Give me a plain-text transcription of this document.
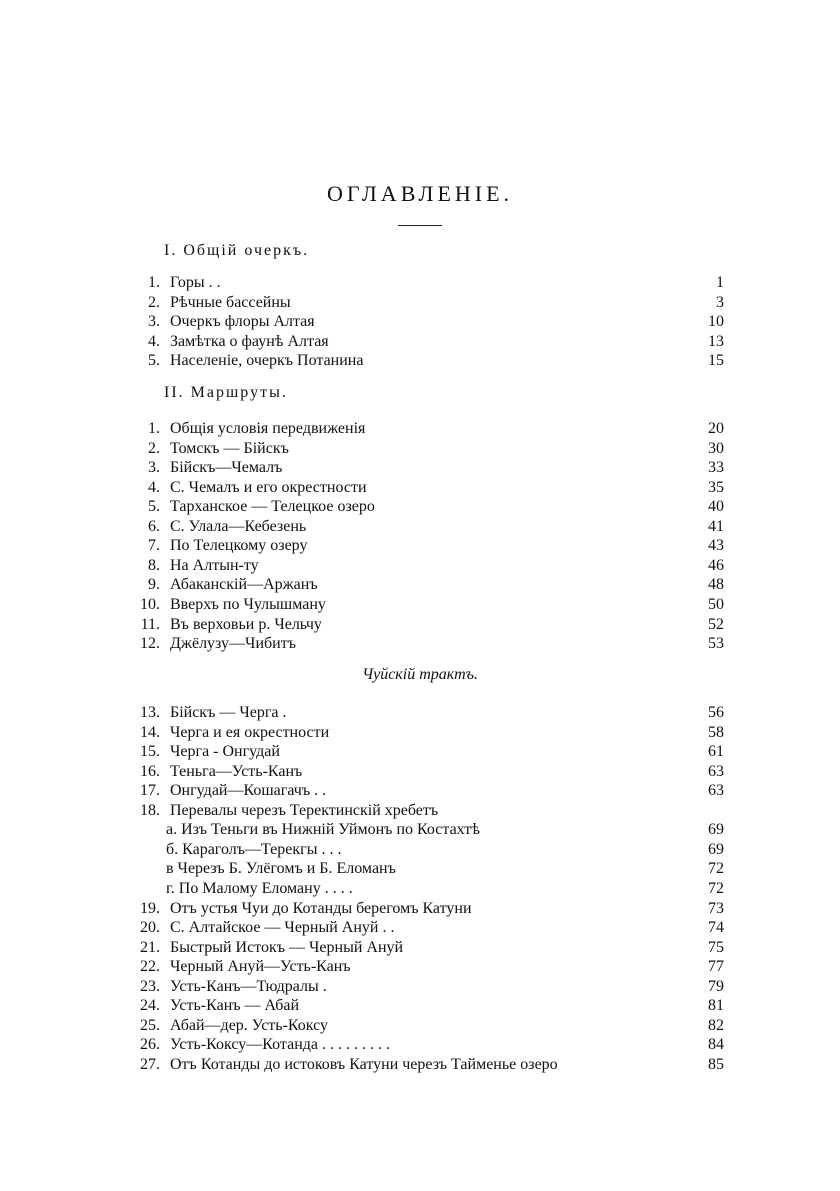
ОГЛАВЛЕНІЕ.
I. Общій очеркъ.
1. Горы . .	1
2. Рѣчные бассейны	3
3. Очеркъ флоры Алтая	10
4. Замѣтка о фаунѣ Алтая	13
5. Населеніе, очеркъ Потанина	15
II. Маршруты.
1. Общія условія передвиженія	20
2. Томскъ — Бійскъ	30
3. Бійскъ—Чемалъ	33
4. С. Чемалъ и его окрестности	35
5. Тарханское — Телецкое озеро	40
6. С. Улала—Кебезень	41
7. По Телецкому озеру	43
8. На Алтын-ту	46
9. Абаканскій—Аржанъ	48
10. Вверхъ по Чулышману	50
11. Въ верховьи р. Чельчу	52
12. Джёлузу—Чибитъ	53
Чуйскій трактъ.
13. Бійскъ — Черга .	56
14. Черга и ея окрестности	58
15. Черга - Онгудай	61
16. Теньга—Усть-Канъ	63
17. Онгудай—Кошагачъ . .	63
18. Перевалы черезъ Теректинскій хребетъ
а. Изъ Теньги въ Нижній Уймонъ по Костахтѣ	69
б. Караголъ—Терекгы . . .	69
в Черезъ Б. Улёгомъ и Б. Еломанъ	72
г. По Малому Еломану . . . .	72
19. Отъ устья Чуи до Котанды берегомъ Катуни	73
20. С. Алтайское — Черный Ануй . .	74
21. Быстрый Истокъ — Черный Ануй	75
22. Черный Ануй—Усть-Канъ	77
23. Усть-Канъ—Тюдралы .	79
24. Усть-Канъ — Абай	81
25. Абай—дер. Усть-Коксу	82
26. Усть-Коксу—Котанда . . . . . . . . .	84
27. Отъ Котанды до истоковъ Катуни черезъ Тайменье озеро	85
